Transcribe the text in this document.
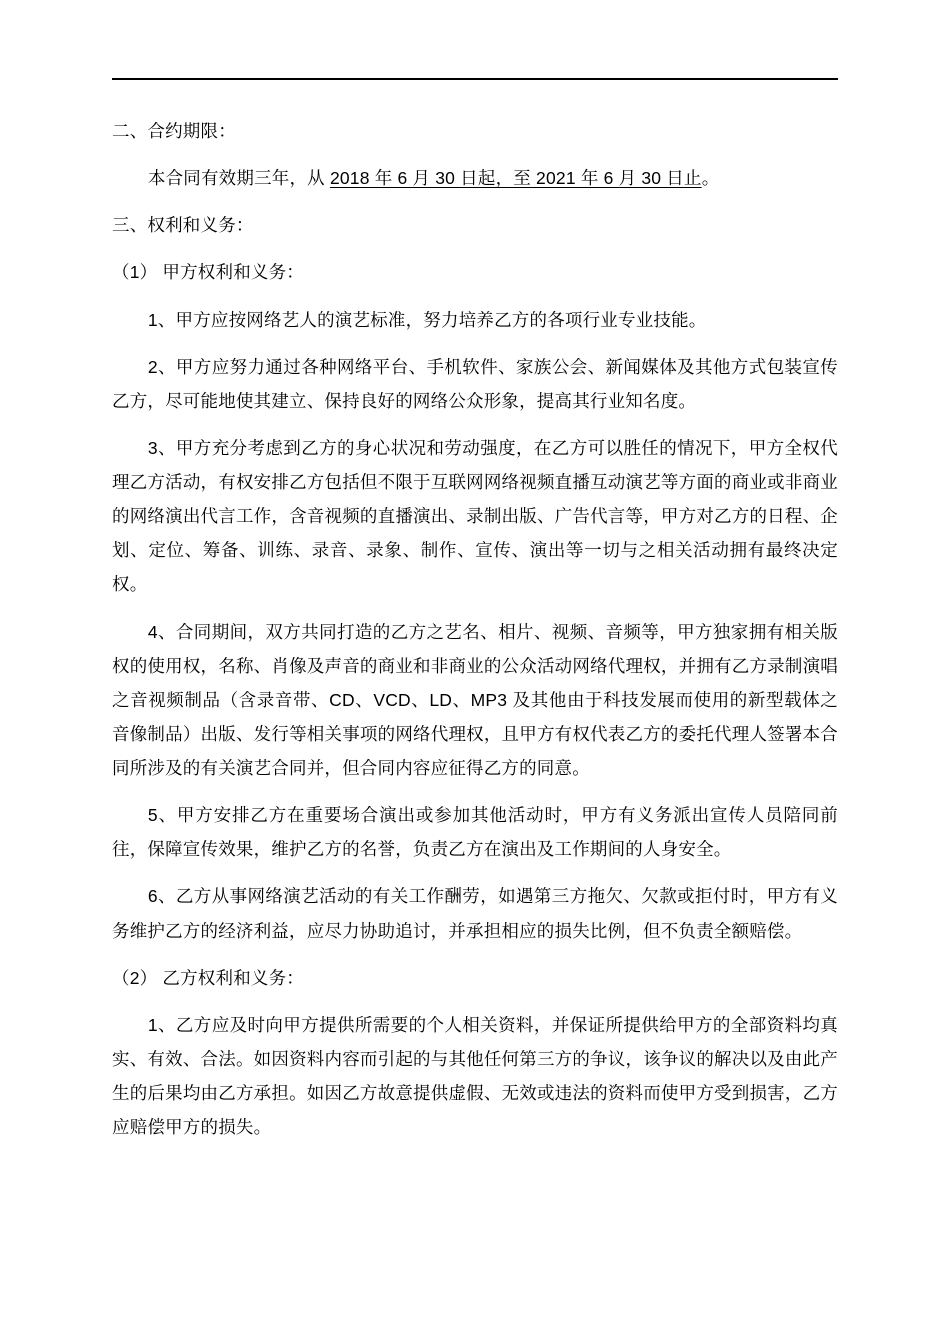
二、合约期限：

本合同有效期三年，从 2018 年 6 月 30 日起，至 2021 年 6 月 30 日止。

三、权利和义务：

（1） 甲方权利和义务：

1、甲方应按网络艺人的演艺标准，努力培养乙方的各项行业专业技能。

2、甲方应努力通过各种网络平台、手机软件、家族公会、新闻媒体及其他方式包装宣传乙方，尽可能地使其建立、保持良好的网络公众形象，提高其行业知名度。

3、甲方充分考虑到乙方的身心状况和劳动强度，在乙方可以胜任的情况下，甲方全权代理乙方活动，有权安排乙方包括但不限于互联网网络视频直播互动演艺等方面的商业或非商业的网络演出代言工作，含音视频的直播演出、录制出版、广告代言等，甲方对乙方的日程、企划、定位、筹备、训练、录音、录象、制作、宣传、演出等一切与之相关活动拥有最终决定权。

4、合同期间，双方共同打造的乙方之艺名、相片、视频、音频等，甲方独家拥有相关版权的使用权，名称、肖像及声音的商业和非商业的公众活动网络代理权，并拥有乙方录制演唱之音视频制品（含录音带、CD、VCD、LD、MP3 及其他由于科技发展而使用的新型载体之音像制品）出版、发行等相关事项的网络代理权，且甲方有权代表乙方的委托代理人签署本合同所涉及的有关演艺合同并，但合同内容应征得乙方的同意。

5、甲方安排乙方在重要场合演出或参加其他活动时，甲方有义务派出宣传人员陪同前往，保障宣传效果，维护乙方的名誉，负责乙方在演出及工作期间的人身安全。

6、乙方从事网络演艺活动的有关工作酬劳，如遇第三方拖欠、欠款或拒付时，甲方有义务维护乙方的经济利益，应尽力协助追讨，并承担相应的损失比例，但不负责全额赔偿。

（2） 乙方权利和义务：

1、乙方应及时向甲方提供所需要的个人相关资料，并保证所提供给甲方的全部资料均真实、有效、合法。如因资料内容而引起的与其他任何第三方的争议，该争议的解决以及由此产生的后果均由乙方承担。如因乙方故意提供虚假、无效或违法的资料而使甲方受到损害，乙方应赔偿甲方的损失。
